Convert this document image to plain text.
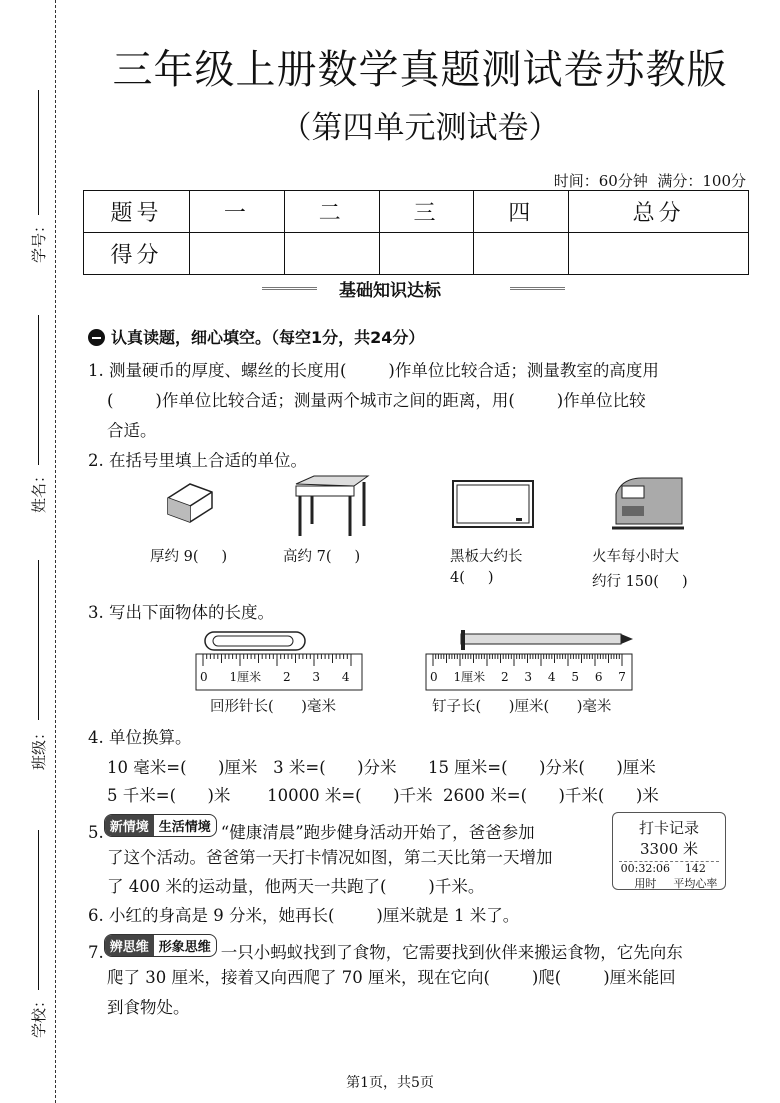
学号：
姓名：
班级：
学校：
三年级上册数学真题测试卷苏教版
（第四单元测试卷）
时间：60分钟  满分：100分
题号	一	二	三	四	总分
得分					
基础知识达标
认真读题，细心填空。（每空1分，共24分）
1. 测量硬币的厚度、螺丝的长度用(        )作单位比较合适；测量教室的高度用
(        )作单位比较合适；测量两个城市之间的距离，用(        )作单位比较
合适。
2. 在括号里填上合适的单位。
厚约 9(     )	高约 7(     )	黑板大约长
4(     )
火车每小时大
约行 150(     )
3. 写出下面物体的长度。
0 1厘米 2 3 4	0 1厘米 2 3 4 5 6 7
回形针长(      )毫米	钉子长(      )厘米(      )毫米
4. 单位换算。
10 毫米=(      )厘米   3 米=(      )分米      15 厘米=(      )分米(      )厘米
5 千米=(      )米       10000 米=(      )千米  2600 米=(      )千米(      )米
5. 新情境 生活情境 “健康清晨”跑步健身活动开始了，爸爸参加
了这个活动。爸爸第一天打卡情况如图，第二天比第一天增加
了 400 米的运动量，他两天一共跑了(        )千米。
打卡记录
3300 米
00:32:06
用时
142
平均心率
6. 小红的身高是 9 分米，她再长(        )厘米就是 1 米了。
7. 辨思维 形象思维 一只小蚂蚁找到了食物，它需要找到伙伴来搬运食物，它先向东
爬了 30 厘米，接着又向西爬了 70 厘米，现在它向(        )爬(        )厘米能回
到食物处。
第1页，共5页
